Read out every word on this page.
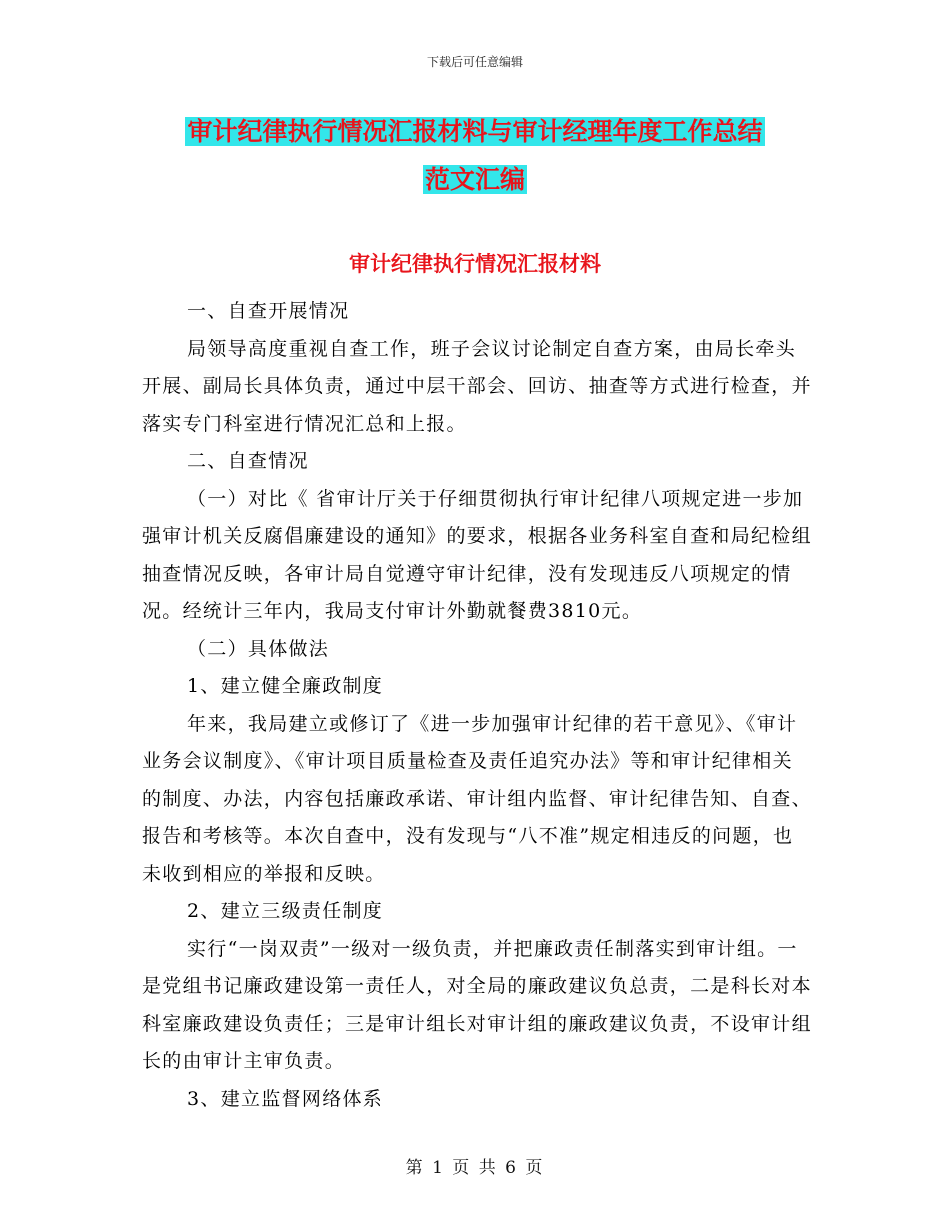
下载后可任意编辑
审计纪律执行情况汇报材料与审计经理年度工作总结
范文汇编
审计纪律执行情况汇报材料

一、自查开展情况

局领导高度重视自查工作，班子会议讨论制定自查方案，由局长牵头开展、副局长具体负责，通过中层干部会、回访、抽查等方式进行检查，并落实专门科室进行情况汇总和上报。

二、自查情况

（一）对比《 省审计厅关于仔细贯彻执行审计纪律八项规定进一步加强审计机关反腐倡廉建设的通知》的要求，根据各业务科室自查和局纪检组抽查情况反映，各审计局自觉遵守审计纪律，没有发现违反八项规定的情况。经统计三年内，我局支付审计外勤就餐费3810元。

（二）具体做法

1、建立健全廉政制度

年来，我局建立或修订了《进一步加强审计纪律的若干意见》、《审计业务会议制度》、《审计项目质量检查及责任追究办法》等和审计纪律相关的制度、办法，内容包括廉政承诺、审计组内监督、审计纪律告知、自查、报告和考核等。本次自查中，没有发现与“八不准”规定相违反的问题，也未收到相应的举报和反映。

2、建立三级责任制度

实行“一岗双责”一级对一级负责，并把廉政责任制落实到审计组。一是党组书记廉政建设第一责任人，对全局的廉政建议负总责，二是科长对本科室廉政建设负责任；三是审计组长对审计组的廉政建议负责，不设审计组长的由审计主审负责。

3、建立监督网络体系

第 1 页 共 6 页
